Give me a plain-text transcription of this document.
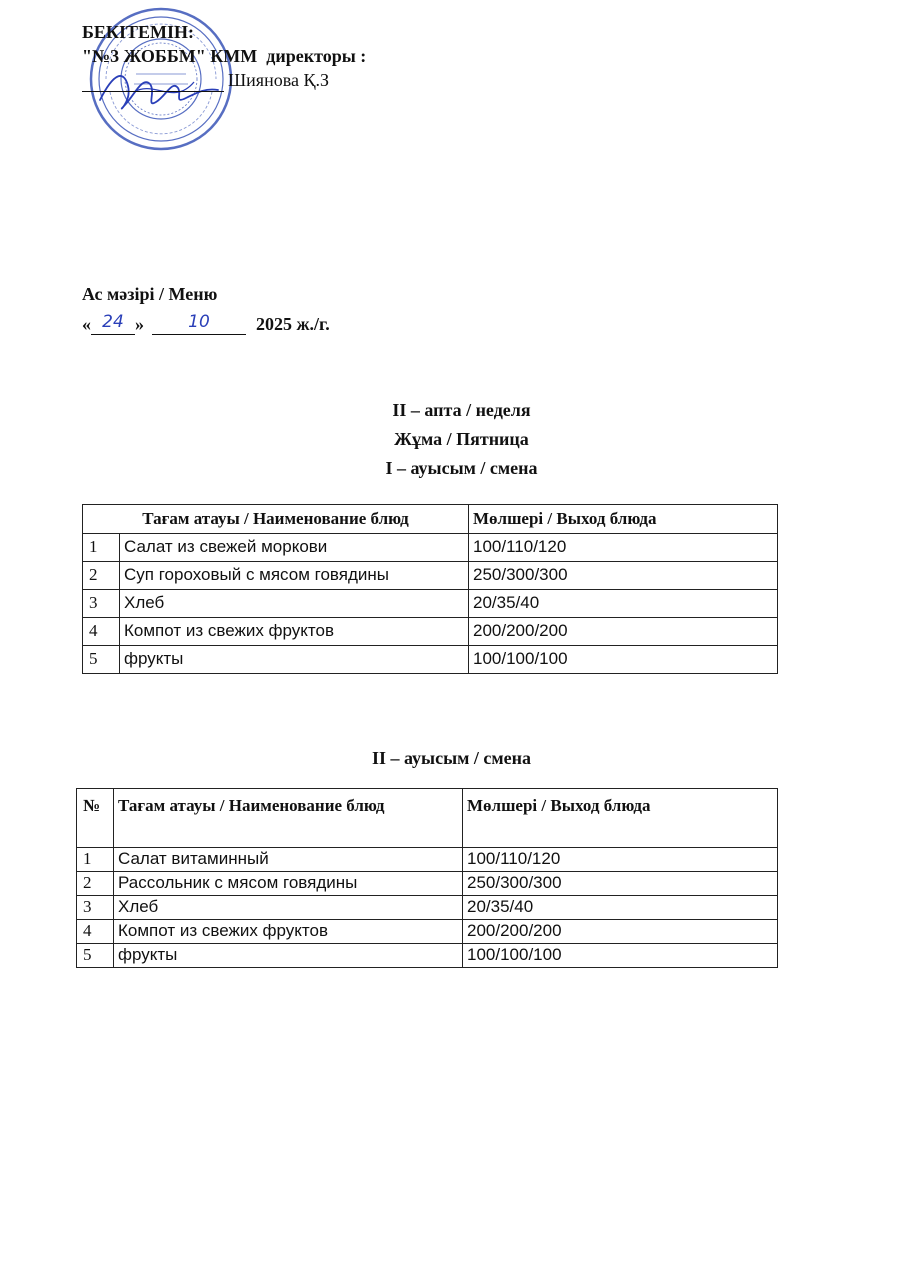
БЕКІТЕМІН:
"№3 ЖОББМ" КММ  директоры :
Шиянова Қ.З
Ас мәзірі / Меню
« 24 »	10	2025 ж./г.
II – апта / неделя
Жұма / Пятница
I – ауысым / смена
Тағам атауы / Наименование блюд		Мөлшері / Выход блюда
1	Салат из свежей моркови	100/110/120
2	Суп гороховый с мясом говядины	250/300/300
3	Хлеб	20/35/40
4	Компот из свежих фруктов	200/200/200
5	фрукты	100/100/100
II – ауысым / смена
№	Тағам атауы / Наименование блюд	Мөлшері / Выход блюда
1	Салат витаминный	100/110/120
2	Рассольник с мясом говядины	250/300/300
3	Хлеб	20/35/40
4	Компот из свежих фруктов	200/200/200
5	фрукты	100/100/100
